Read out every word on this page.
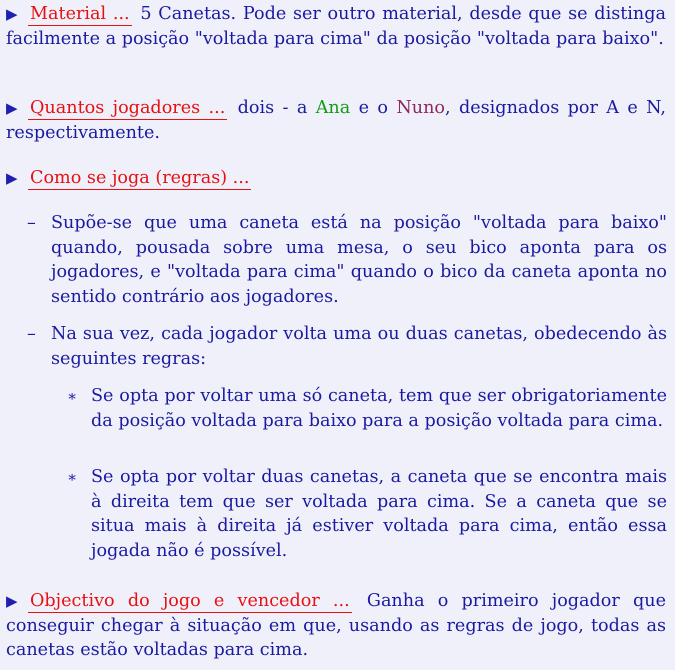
▶ Material ... 5 Canetas. Pode ser outro material, desde que se distinga facilmente a posição "voltada para cima" da posição "voltada para baixo".
▶ Quantos jogadores ... dois - a Ana e o Nuno, designados por A e N, respectivamente.
▶ Como se joga (regras) ...
– Supõe-se que uma caneta está na posição "voltada para baixo" quando, pousada sobre uma mesa, o seu bico aponta para os jogadores, e "voltada para cima" quando o bico da caneta aponta no sentido contrário aos jogadores.
– Na sua vez, cada jogador volta uma ou duas canetas, obedecendo às seguintes regras:
∗ Se opta por voltar uma só caneta, tem que ser obrigatoriamente da posição voltada para baixo para a posição voltada para cima.
∗ Se opta por voltar duas canetas, a caneta que se encontra mais à direita tem que ser voltada para cima. Se a caneta que se situa mais à direita já estiver voltada para cima, então essa jogada não é possível.
▶ Objectivo do jogo e vencedor ... Ganha o primeiro jogador que conseguir chegar à situação em que, usando as regras de jogo, todas as canetas estão voltadas para cima.
